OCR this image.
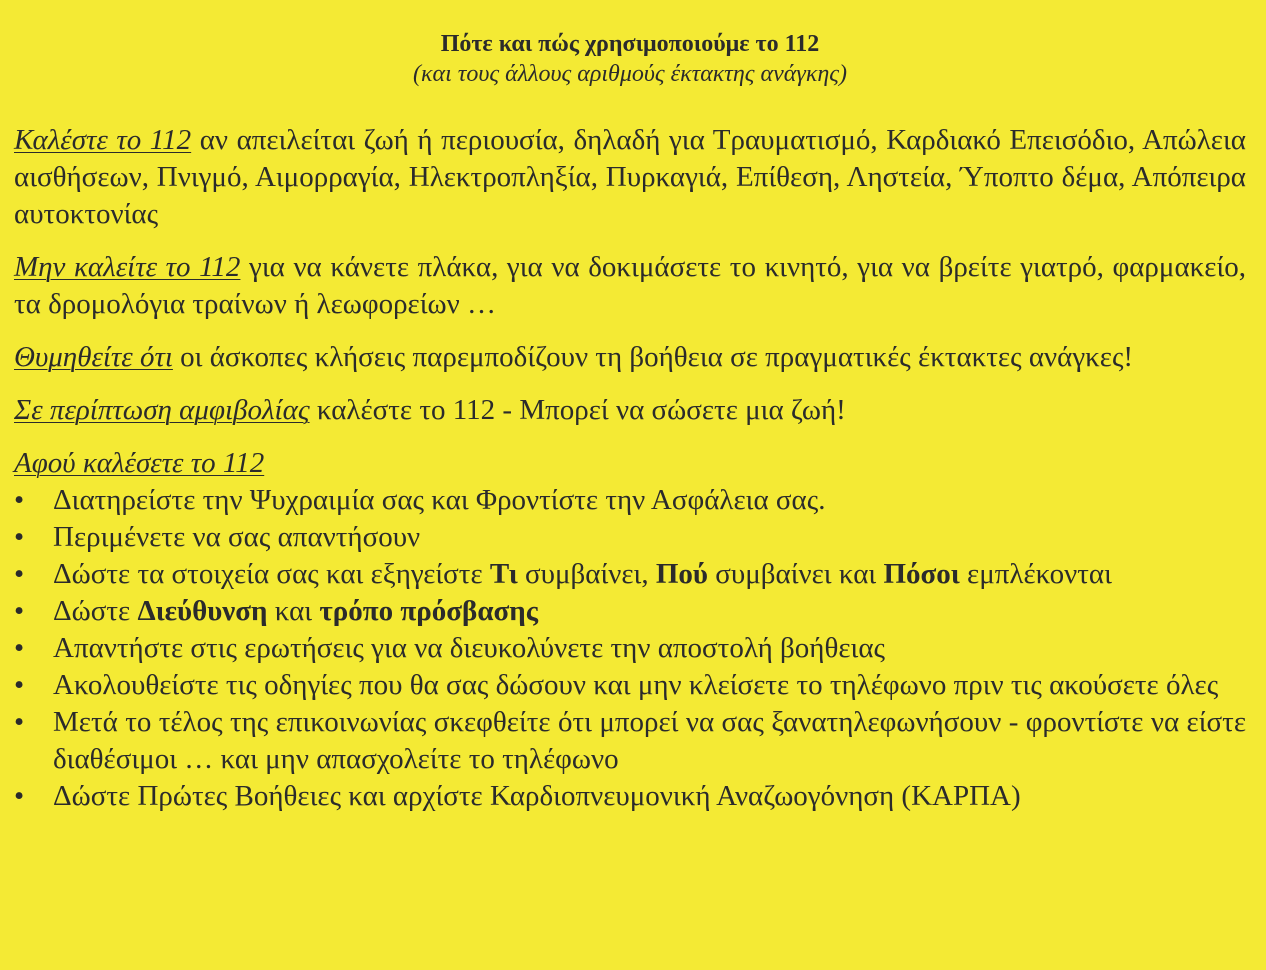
Πότε και πώς χρησιμοποιούμε το 112

(και τους άλλους αριθμούς έκτακτης ανάγκης)

Καλέστε το 112 αν απειλείται ζωή ή περιουσία, δηλαδή για Τραυματισμό, Καρδιακό Επεισόδιο, Απώλεια αισθήσεων, Πνιγμό, Αιμορραγία, Ηλεκτροπληξία, Πυρκαγιά, Επίθεση, Ληστεία, Ύποπτο δέμα, Απόπειρα αυτοκτονίας

Μην καλείτε το 112 για να κάνετε πλάκα, για να δοκιμάσετε το κινητό, για να βρείτε γιατρό, φαρμακείο, τα δρομολόγια τραίνων ή λεωφορείων …

Θυμηθείτε ότι οι άσκοπες κλήσεις παρεμποδίζουν τη βοήθεια σε πραγματικές έκτακτες ανάγκες!

Σε περίπτωση αμφιβολίας καλέστε το 112 - Μπορεί να σώσετε μια ζωή!

Αφού καλέσετε το 112

• Διατηρείστε την Ψυχραιμία σας και Φροντίστε την Ασφάλεια σας.
• Περιμένετε να σας απαντήσουν
• Δώστε τα στοιχεία σας και εξηγείστε Τι συμβαίνει, Πού συμβαίνει και Πόσοι εμπλέκονται
• Δώστε Διεύθυνση και τρόπο πρόσβασης
• Απαντήστε στις ερωτήσεις για να διευκολύνετε την αποστολή βοήθειας
• Ακολουθείστε τις οδηγίες που θα σας δώσουν και μην κλείσετε το τηλέφωνο πριν τις ακούσετε όλες
• Μετά το τέλος της επικοινωνίας σκεφθείτε ότι μπορεί να σας ξανατηλεφωνήσουν - φροντίστε να είστε διαθέσιμοι … και μην απασχολείτε το τηλέφωνο
• Δώστε Πρώτες Βοήθειες και αρχίστε Καρδιοπνευμονική Αναζωογόνηση (ΚΑΡΠΑ)
